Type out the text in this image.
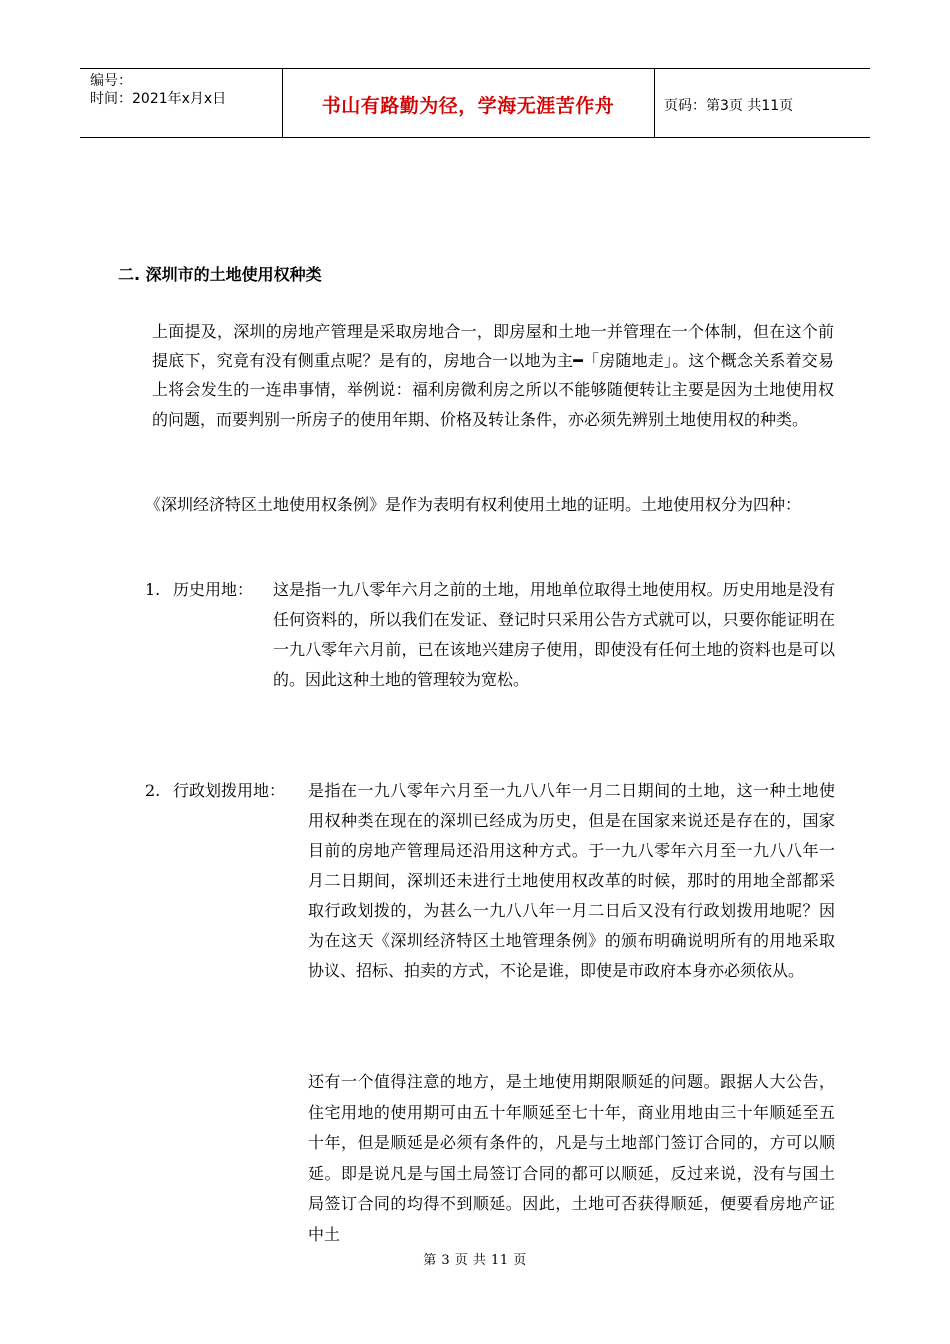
编号：
时间：2021年x月x日	书山有路勤为径，学海无涯苦作舟	页码：第3页 共11页
二. 深圳市的土地使用权种类
上面提及，深圳的房地产管理是采取房地合一，即房屋和土地一并管理在一个体制，但在这个前提底下，究竟有没有侧重点呢？是有的，房地合一以地为主━「房随地走」。这个概念关系着交易上将会发生的一连串事情，举例说：福利房微利房之所以不能够随便转让主要是因为土地使用权的问题，而要判别一所房子的使用年期、价格及转让条件，亦必须先辨别土地使用权的种类。
《深圳经济特区土地使用权条例》是作为表明有权利使用土地的证明。土地使用权分为四种：
1. 历史用地： 这是指一九八零年六月之前的土地，用地单位取得土地使用权。历史用地是没有任何资料的，所以我们在发证、登记时只采用公告方式就可以，只要你能证明在一九八零年六月前，已在该地兴建房子使用，即使没有任何土地的资料也是可以的。因此这种土地的管理较为宽松。
2. 行政划拨用地： 是指在一九八零年六月至一九八八年一月二日期间的土地，这一种土地使用权种类在现在的深圳已经成为历史，但是在国家来说还是存在的，国家目前的房地产管理局还沿用这种方式。于一九八零年六月至一九八八年一月二日期间，深圳还未进行土地使用权改革的时候，那时的用地全部都采取行政划拨的，为甚么一九八八年一月二日后又没有行政划拨用地呢？因为在这天《深圳经济特区土地管理条例》的颁布明确说明所有的用地采取协议、招标、拍卖的方式，不论是谁，即使是市政府本身亦必须依从。
还有一个值得注意的地方，是土地使用期限顺延的问题。跟据人大公告，住宅用地的使用期可由五十年顺延至七十年，商业用地由三十年顺延至五十年，但是顺延是必须有条件的，凡是与土地部门签订合同的，方可以顺延。即是说凡是与国土局签订合同的都可以顺延，反过来说，没有与国土局签订合同的均得不到顺延。因此，土地可否获得顺延，便要看房地产证中土
第 3 页 共 11 页
